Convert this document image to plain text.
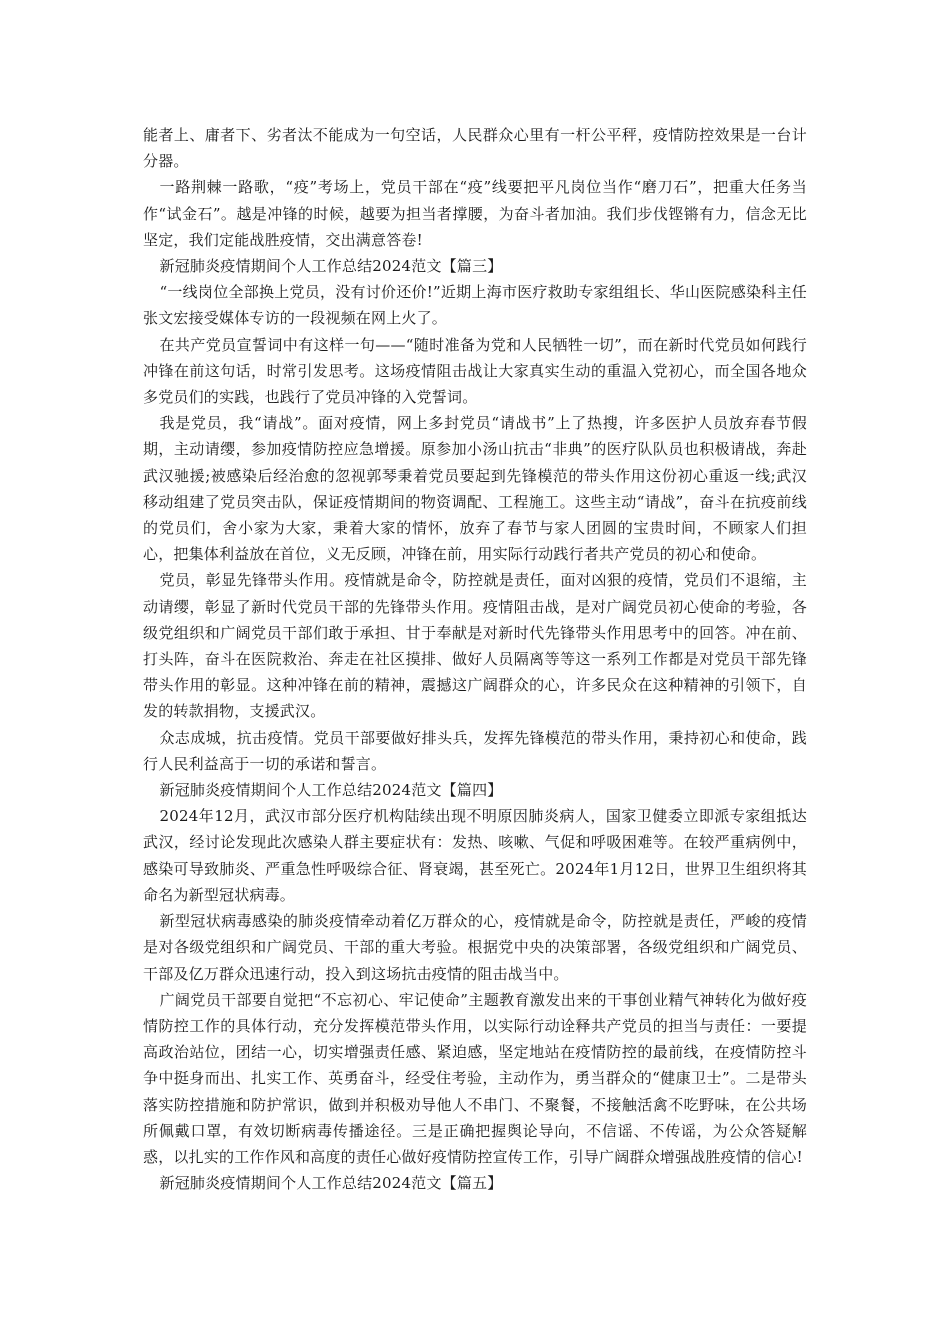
能者上、庸者下、劣者汰不能成为一句空话，人民群众心里有一杆公平秤，疫情防控效果是一台计分器。

一路荆棘一路歌，“疫”考场上，党员干部在“疫”线要把平凡岗位当作“磨刀石”，把重大任务当作“试金石”。越是冲锋的时候，越要为担当者撑腰，为奋斗者加油。我们步伐铿锵有力，信念无比坚定，我们定能战胜疫情，交出满意答卷!

新冠肺炎疫情期间个人工作总结2024范文【篇三】

“一线岗位全部换上党员，没有讨价还价!”近期上海市医疗救助专家组组长、华山医院感染科主任张文宏接受媒体专访的一段视频在网上火了。

在共产党员宣誓词中有这样一句——“随时准备为党和人民牺牲一切”，而在新时代党员如何践行冲锋在前这句话，时常引发思考。这场疫情阻击战让大家真实生动的重温入党初心，而全国各地众多党员们的实践，也践行了党员冲锋的入党誓词。

我是党员，我“请战”。面对疫情，网上多封党员“请战书”上了热搜，许多医护人员放弃春节假期，主动请缨，参加疫情防控应急增援。原参加小汤山抗击“非典”的医疗队队员也积极请战，奔赴武汉驰援;被感染后经治愈的忽视郭琴秉着党员要起到先锋模范的带头作用这份初心重返一线;武汉移动组建了党员突击队，保证疫情期间的物资调配、工程施工。这些主动“请战”，奋斗在抗疫前线的党员们，舍小家为大家，秉着大家的情怀，放弃了春节与家人团圆的宝贵时间，不顾家人们担心，把集体利益放在首位，义无反顾，冲锋在前，用实际行动践行者共产党员的初心和使命。

党员，彰显先锋带头作用。疫情就是命令，防控就是责任，面对凶狠的疫情，党员们不退缩，主动请缨，彰显了新时代党员干部的先锋带头作用。疫情阻击战，是对广阔党员初心使命的考验，各级党组织和广阔党员干部们敢于承担、甘于奉献是对新时代先锋带头作用思考中的回答。冲在前、打头阵，奋斗在医院救治、奔走在社区摸排、做好人员隔离等等这一系列工作都是对党员干部先锋带头作用的彰显。这种冲锋在前的精神，震撼这广阔群众的心，许多民众在这种精神的引领下，自发的转款捐物，支援武汉。

众志成城，抗击疫情。党员干部要做好排头兵，发挥先锋模范的带头作用，秉持初心和使命，践行人民利益高于一切的承诺和誓言。

新冠肺炎疫情期间个人工作总结2024范文【篇四】

2024年12月，武汉市部分医疗机构陆续出现不明原因肺炎病人，国家卫健委立即派专家组抵达武汉，经讨论发现此次感染人群主要症状有：发热、咳嗽、气促和呼吸困难等。在较严重病例中，感染可导致肺炎、严重急性呼吸综合征、肾衰竭，甚至死亡。2024年1月12日，世界卫生组织将其命名为新型冠状病毒。

新型冠状病毒感染的肺炎疫情牵动着亿万群众的心，疫情就是命令，防控就是责任，严峻的疫情是对各级党组织和广阔党员、干部的重大考验。根据党中央的决策部署，各级党组织和广阔党员、干部及亿万群众迅速行动，投入到这场抗击疫情的阻击战当中。

广阔党员干部要自觉把“不忘初心、牢记使命”主题教育激发出来的干事创业精气神转化为做好疫情防控工作的具体行动，充分发挥模范带头作用，以实际行动诠释共产党员的担当与责任：一要提高政治站位，团结一心，切实增强责任感、紧迫感，坚定地站在疫情防控的最前线，在疫情防控斗争中挺身而出、扎实工作、英勇奋斗，经受住考验，主动作为，勇当群众的“健康卫士”。二是带头落实防控措施和防护常识，做到并积极劝导他人不串门、不聚餐，不接触活禽不吃野味，在公共场所佩戴口罩，有效切断病毒传播途径。三是正确把握舆论导向，不信谣、不传谣，为公众答疑解惑，以扎实的工作作风和高度的责任心做好疫情防控宣传工作，引导广阔群众增强战胜疫情的信心!

新冠肺炎疫情期间个人工作总结2024范文【篇五】
